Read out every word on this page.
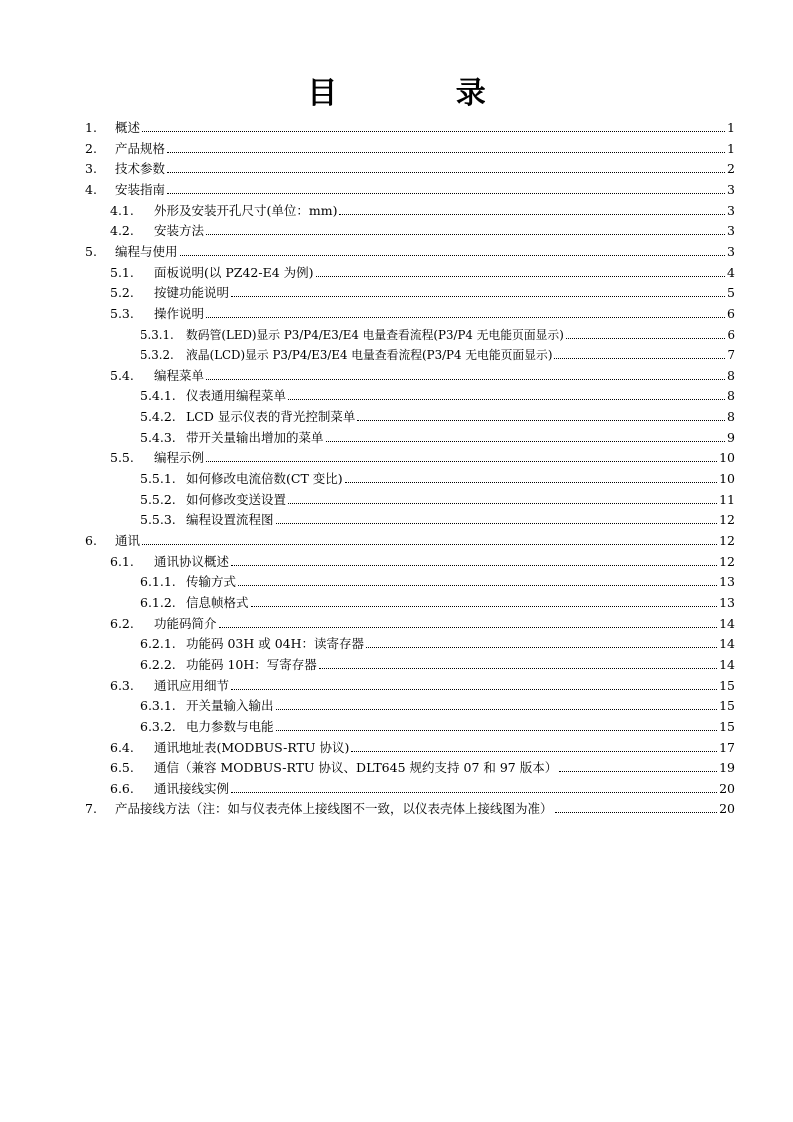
目 录
1.	概述	1
2.	产品规格	1
3.	技术参数	2
4.	安装指南	3
4.1.	外形及安装开孔尺寸(单位：mm)	3
4.2.	安装方法	3
5.	编程与使用	3
5.1.	面板说明(以 PZ42-E4 为例)	4
5.2.	按键功能说明	5
5.3.	操作说明	6
5.3.1.	数码管(LED)显示 P3/P4/E3/E4 电量查看流程(P3/P4 无电能页面显示)	6
5.3.2.	液晶(LCD)显示 P3/P4/E3/E4 电量查看流程(P3/P4 无电能页面显示)	7
5.4.	编程菜单	8
5.4.1. 仪表通用编程菜单	8
5.4.2. LCD 显示仪表的背光控制菜单	8
5.4.3. 带开关量输出增加的菜单	9
5.5.	编程示例	10
5.5.1. 如何修改电流倍数(CT 变比)	10
5.5.2. 如何修改变送设置	11
5.5.3. 编程设置流程图	12
6.	通讯	12
6.1.	通讯协议概述	12
6.1.1. 传输方式	13
6.1.2. 信息帧格式	13
6.2.	功能码简介	14
6.2.1. 功能码 03H 或 04H：读寄存器	14
6.2.2. 功能码 10H：写寄存器	14
6.3.	通讯应用细节	15
6.3.1. 开关量输入输出	15
6.3.2. 电力参数与电能	15
6.4.	通讯地址表(MODBUS-RTU 协议)	17
6.5.	通信（兼容 MODBUS-RTU 协议、DLT645 规约支持 07 和 97 版本）	19
6.6.	通讯接线实例	20
7.	产品接线方法（注：如与仪表壳体上接线图不一致，以仪表壳体上接线图为准）	20
